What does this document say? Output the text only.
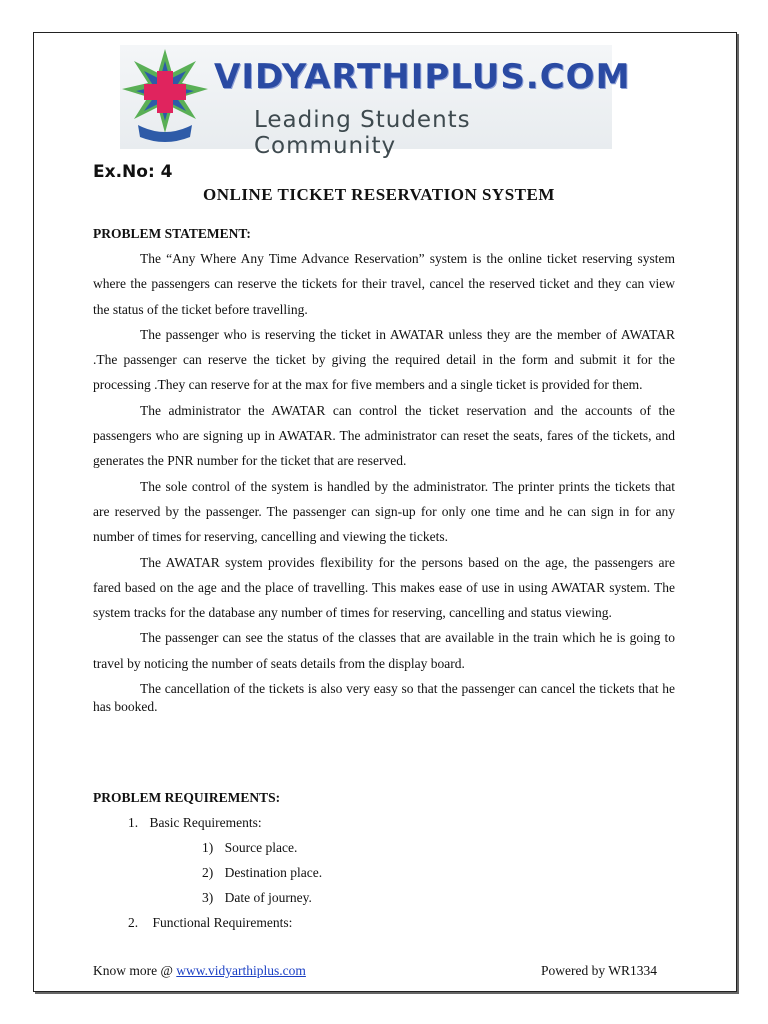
VIDYARTHIPLUS.COM
Leading Students Community
Ex.No: 4
ONLINE TICKET RESERVATION SYSTEM
PROBLEM STATEMENT:

The “Any Where Any Time Advance Reservation” system is the online ticket reserving system where the passengers can reserve the tickets for their travel, cancel the reserved ticket and they can view the status of the ticket before travelling.

The passenger who is reserving the ticket in AWATAR unless they are the member of AWATAR .The passenger can reserve the ticket by giving the required detail in the form and submit it for the processing .They can reserve for at the max for five members and a single ticket is provided for them.

The administrator the AWATAR can control the ticket reservation and the accounts of the passengers who are signing up in AWATAR. The administrator can reset the seats, fares of the tickets, and generates the PNR number for the ticket that are reserved.

The sole control of the system is handled by the administrator. The printer prints the tickets that are reserved by the passenger. The passenger can sign-up for only one time and he can sign in for any number of times for reserving, cancelling and viewing the tickets.

The AWATAR system provides flexibility for the persons based on the age, the passengers are fared based on the age and the place of travelling. This makes ease of use in using AWATAR system. The system tracks for the database any number of times for reserving, cancelling and status viewing.

The passenger can see the status of the classes that are available in the train which he is going to travel by noticing the number of seats details from the display board.

The cancellation of the tickets is also very easy so that the passenger can cancel the tickets that he has booked.

PROBLEM REQUIREMENTS:
1. Basic Requirements:
1) Source place.
2) Destination place.
3) Date of journey.
2. Functional Requirements:
Know more @ www.vidyarthiplus.com	Powered by WR1334
